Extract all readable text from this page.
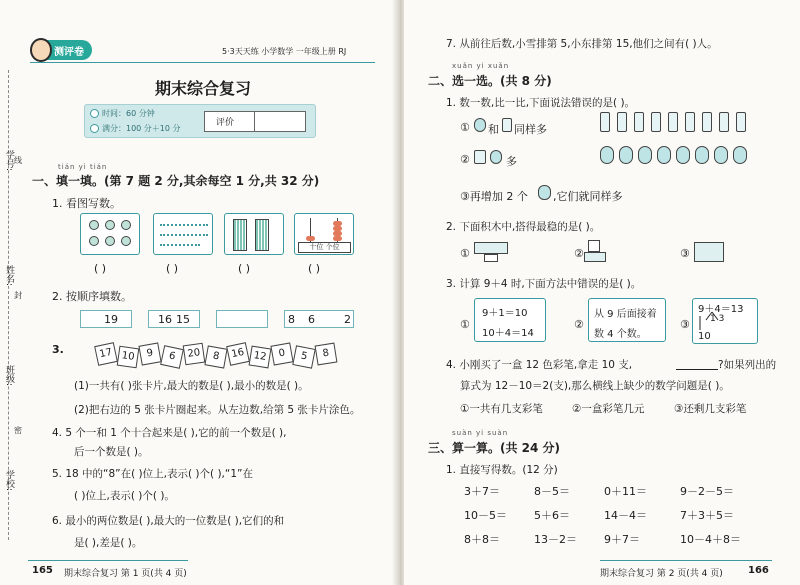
学号:
姓名:
班级:
学校:
线
封
密
测评卷	5·3天天练 小学数学 一年级上册 RJ
期末综合复习
时间：60 分钟
满分：100 分＋10 分
评价
tián yì tián
一、填一填。(第 7 题 2 分,其余每空 1 分,共 32 分)
1. 看图写数。
十位 个位
( )	( )	( )	( )
2. 按顺序填数。
19	16 15	8 6	2
3.	17 10	9	6	20	8	16 12	0	5	8
(1)一共有( )张卡片,最大的数是( ),最小的数是( )。
(2)把右边的 5 张卡片圈起来。从左边数,给第 5 张卡片涂色。
4. 5 个一和 1 个十合起来是( ),它的前一个数是( ),
后一个数是( )。
5. 18 中的“8”在( )位上,表示( )个( ),“1”在
( )位上,表示( )个( )。
6. 最小的两位数是( ),最大的一位数是( ),它们的和
是( ),差是( )。
165 期末综合复习 第 1 页(共 4 页)
7. 从前往后数,小雪排第 5,小东排第 15,他们之间有( )人。
xuǎn yi xuǎn
二、选一选。(共 8 分)
1. 数一数,比一比,下面说法错误的是( )。
① 和 同样多
②	多
③再增加 2 个 ,它们就同样多
2. 下面积木中,搭得最稳的是( )。
①	②	③
3. 计算 9＋4 时,下面方法中错误的是( )。
①
9＋1＝10
10＋4＝14
②
从 9 后面接着
数 4 个数。
③
9＋4＝13
1 3
10
4. 小刚买了一盒 12 色彩笔,拿走 10 支,	?如果列出的
算式为 12－10＝2(支),那么横线上缺少的数学问题是( )。
①一共有几支彩笔	②一盒彩笔几元	③还剩几支彩笔
suàn yi suàn
三、算一算。(共 24 分)
1. 直接写得数。(12 分)
3＋7＝	8－5＝	0＋11＝	9－2－5＝
10－5＝ 5＋6＝	14－4＝	7＋3＋5＝
8＋8＝	13－2＝ 9＋7＝	10－4＋8＝
期末综合复习 第 2 页(共 4 页)	166
